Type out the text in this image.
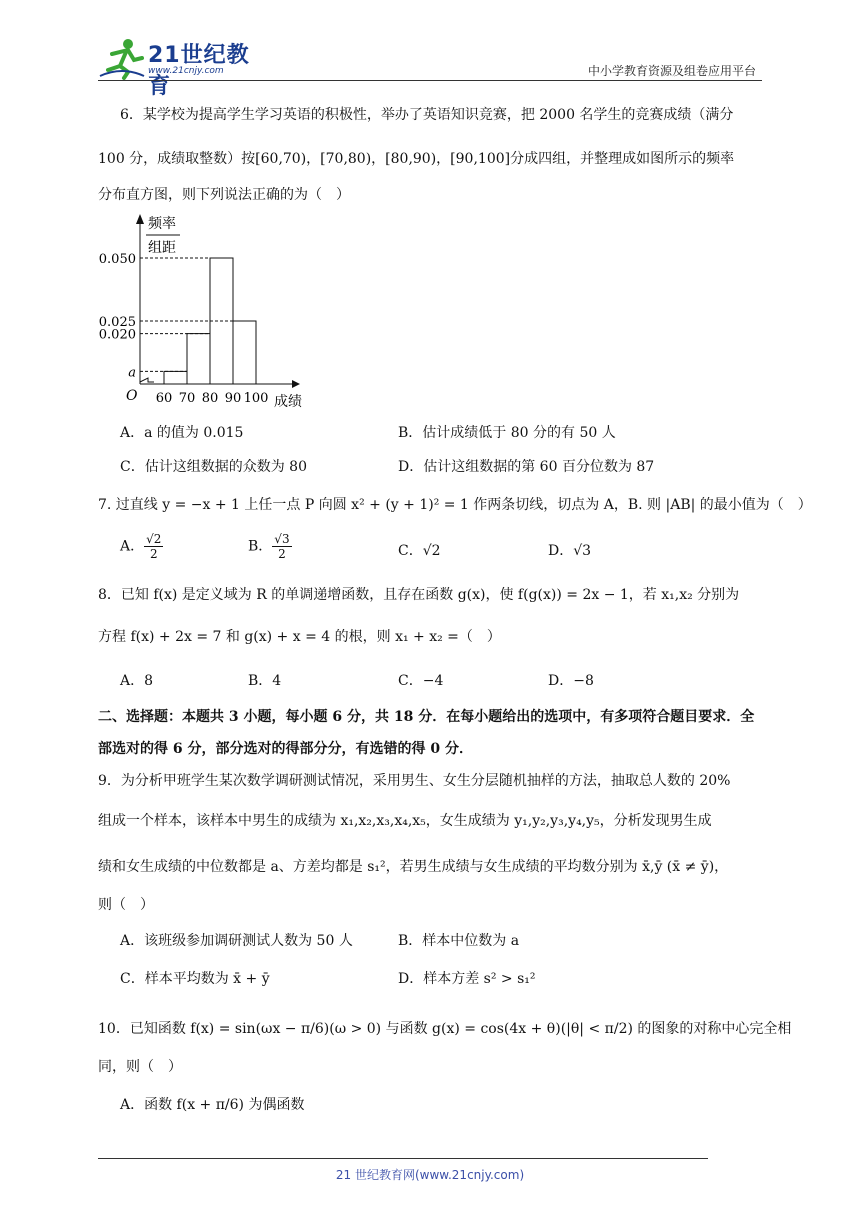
21世纪教育
www.21cnjy.com	中小学教育资源及组卷应用平台
6．某学校为提高学生学习英语的积极性，举办了英语知识竞赛，把 2000 名学生的竞赛成绩（满分
100 分，成绩取整数）按[60,70)，[70,80)，[80,90)，[90,100]分成四组，并整理成如图所示的频率
分布直方图，则下列说法正确的为（　）
频率
组距
成绩
O
0.050
0.025
0.020
a
60 70 80 90 100
A．a 的值为 0.015	B．估计成绩低于 80 分的有 50 人
C．估计这组数据的众数为 80	D．估计这组数据的第 60 百分位数为 87
7. 过直线 y = −x + 1 上任一点 P 向圆 x² + (y + 1)² = 1 作两条切线，切点为 A，B. 则 |AB| 的最小值为（　）
A． $\frac{√2}{2}$	B． $\frac{√3}{2}$	C．√2	D．√3
8．已知 f(x) 是定义域为 R 的单调递增函数，且存在函数 g(x)，使 f(g(x)) = 2x − 1，若 x₁,x₂ 分别为
方程 f(x) + 2x = 7 和 g(x) + x = 4 的根，则 x₁ + x₂ =（　）
A．8	B．4	C．−4	D．−8
二、选择题：本题共 3 小题，每小题 6 分，共 18 分．在每小题给出的选项中，有多项符合题目要求．全
部选对的得 6 分，部分选对的得部分分，有选错的得 0 分．
9．为分析甲班学生某次数学调研测试情况，采用男生、女生分层随机抽样的方法，抽取总人数的 20%
组成一个样本，该样本中男生的成绩为 x₁,x₂,x₃,x₄,x₅，女生成绩为 y₁,y₂,y₃,y₄,y₅，分析发现男生成
绩和女生成绩的中位数都是 a、方差均都是 s₁²，若男生成绩与女生成绩的平均数分别为 x̄,ȳ (x̄ ≠ ȳ)，
则（　）
A．该班级参加调研测试人数为 50 人	B．样本中位数为 a
C．样本平均数为 x̄ + ȳ	D．样本方差 s² > s₁²
10．已知函数 f(x) = sin(ωx − π/6)(ω > 0) 与函数 g(x) = cos(4x + θ)(|θ| < π/2) 的图象的对称中心完全相
同，则（　）
A．函数 f(x + π/6) 为偶函数
21 世纪教育网(www.21cnjy.com)
